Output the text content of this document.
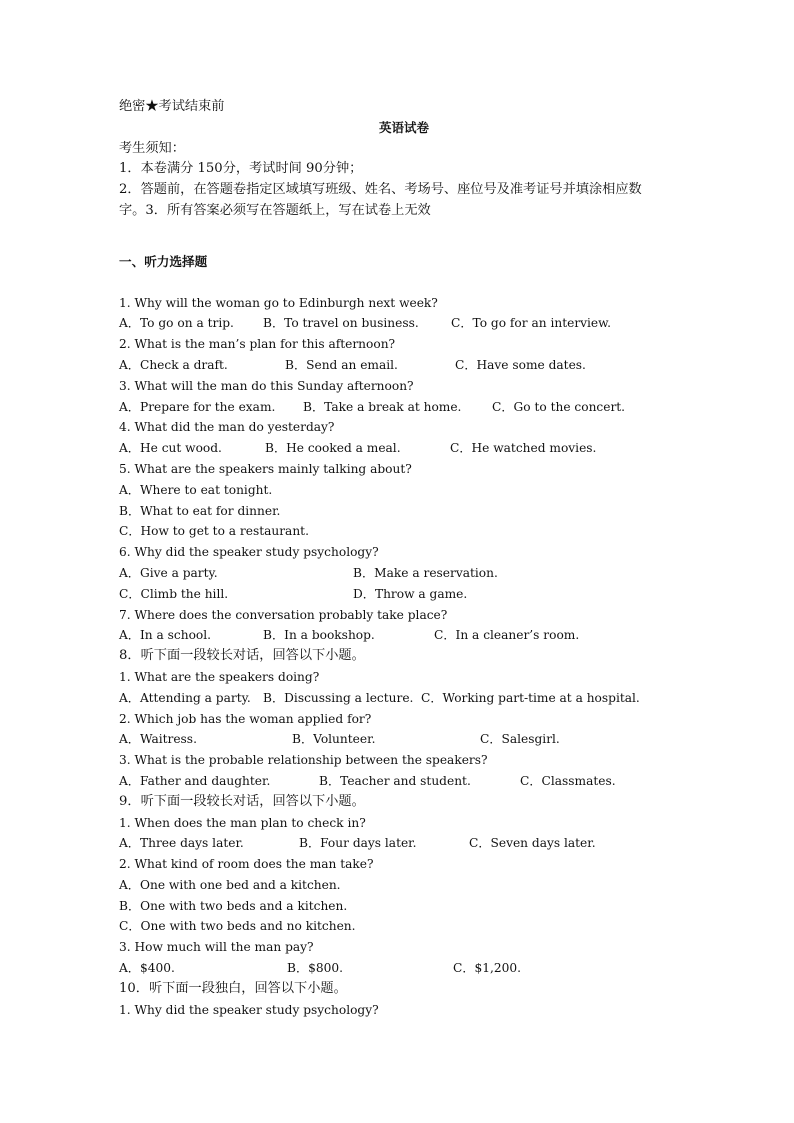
绝密★考试结束前
英语试卷
考生须知：
1．本卷满分 150分，考试时间 90分钟；
2．答题前，在答题卷指定区域填写班级、姓名、考场号、座位号及准考证号并填涂相应数
字。3．所有答案必须写在答题纸上，写在试卷上无效
一、听力选择题
1. Why will the woman go to Edinburgh next week?
A．To go on a trip.	B．To travel on business.	C．To go for an interview.
2. What is the man’s plan for this afternoon?
A．Check a draft.	B．Send an email.	C．Have some dates.
3. What will the man do this Sunday afternoon?
A．Prepare for the exam.	B．Take a break at home.	C．Go to the concert.
4. What did the man do yesterday?
A．He cut wood.	B．He cooked a meal.	C．He watched movies.
5. What are the speakers mainly talking about?
A．Where to eat tonight.
B．What to eat for dinner.
C．How to get to a restaurant.
6. Why did the speaker study psychology?
A．Give a party.	B．Make a reservation.
C．Climb the hill.	D．Throw a game.
7. Where does the conversation probably take place?
A．In a school.	B．In a bookshop.	C．In a cleaner’s room.
8．听下面一段较长对话，回答以下小题。
1. What are the speakers doing?
A．Attending a party.	B．Discussing a lecture. C．Working part-time at a hospital.
2. Which job has the woman applied for?
A．Waitress.	B．Volunteer.	C．Salesgirl.
3. What is the probable relationship between the speakers?
A．Father and daughter.	B．Teacher and student.	C．Classmates.
9．听下面一段较长对话，回答以下小题。
1. When does the man plan to check in?
A．Three days later.	B．Four days later.	C．Seven days later.
2. What kind of room does the man take?
A．One with one bed and a kitchen.
B．One with two beds and a kitchen.
C．One with two beds and no kitchen.
3. How much will the man pay?
A．$400.	B．$800.	C．$1,200.
10．听下面一段独白，回答以下小题。
1. Why did the speaker study psychology?
